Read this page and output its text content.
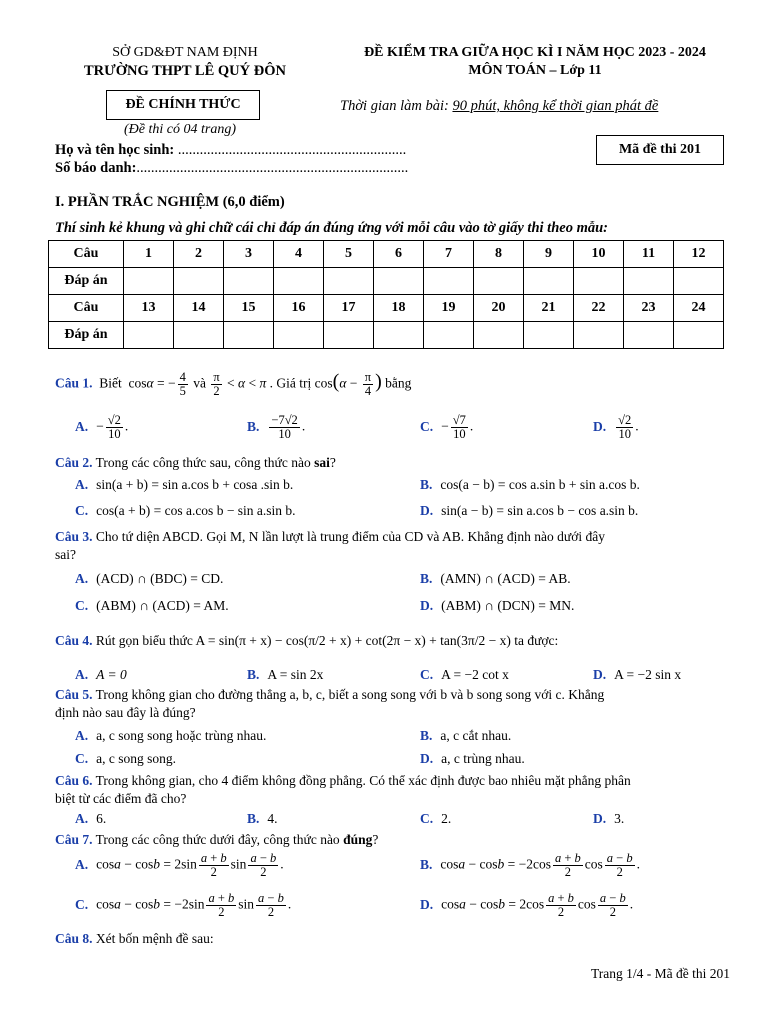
SỞ GD&ĐT NAM ĐỊNH
TRƯỜNG THPT LÊ QUÝ ĐÔN
ĐỀ KIỂM TRA GIỮA HỌC KÌ I NĂM HỌC 2023 - 2024
MÔN TOÁN – Lớp 11
ĐỀ CHÍNH THỨC
(Đề thi có 04 trang)
Thời gian làm bài: 90 phút, không kể thời gian phát đề
Họ và tên học sinh: ...............................................................
Số báo danh:...........................................................................
Mã đề thi 201
I. PHẦN TRẮC NGHIỆM (6,0 điểm)
Thí sinh kẻ khung và ghi chữ cái chỉ đáp án đúng ứng với mỗi câu vào tờ giấy thi theo mẫu:
Câu	1	2	3	4	5	6	7	8	9	10	11	12
Đáp án												
Câu	13	14	15	16	17	18	19	20	21	22	23	24
Đáp án												
Câu 1.  Biết  cosα = − $\frac{4}{5}$ và $\frac{\pi}{2} < \alpha < \pi$ . Giá trị $\cos(\alpha - \frac{\pi}{4}$ ) bằng
A. − $\frac{√2}{10}$ .	B. $\frac{-7√2}{10}$ .	C. − $\frac{√7}{10}$ .	D. $\frac{√2}{10}$ .
Câu 2. Trong các công thức sau, công thức nào sai?
A. sin(a + b) = sin a.cos b + cosa .sin b.	B. cos(a − b) = cos a.sin b + sin a.cos b.
C. cos(a + b) = cos a.cos b − sin a.sin b.	D. sin(a − b) = sin a.cos b − cos a.sin b.
Câu 3. Cho tứ diện ABCD. Gọi M, N lần lượt là trung điểm của CD và AB. Khẳng định nào dưới đây
sai?
A. (ACD) ∩ (BDC) = CD.	B. (AMN) ∩ (ACD) = AB.
C. (ABM) ∩ (ACD) = AM.	D. (ABM) ∩ (DCN) = MN.
Câu 4. Rút gọn biểu thức A = sin(π + x) − cos(π/2 + x) + cot(2π − x) + tan(3π/2 − x) ta được:
A. A = 0	B. A = sin 2x	C. A = −2 cot x	D. A = −2 sin x
Câu 5. Trong không gian cho đường thẳng a, b, c, biết a song song với b và b song song với c. Khẳng
định nào sau đây là đúng?
A. a, c song song hoặc trùng nhau.	B. a, c cắt nhau.
C. a, c song song.	D. a, c trùng nhau.
Câu 6. Trong không gian, cho 4 điểm không đồng phẳng. Có thể xác định được bao nhiêu mặt phẳng phân
biệt từ các điểm đã cho?
A. 6.	B. 4.	C. 2.	D. 3.
Câu 7. Trong các công thức dưới đây, công thức nào đúng?
A. $\cos a - \cos b = 2\sin \frac{a + b}{2}$ $\sin \frac{a - b}{2}$ .	B. $\cos a - \cos b = -2\cos \frac{a + b}{2}$ $\cos \frac{a - b}{2}$ .
C. $\cos a - \cos b = -2\sin \frac{a + b}{2}$ $\sin \frac{a - b}{2}$ .	D. $\cos a - \cos b = 2\cos \frac{a + b}{2}$ $\cos \frac{a - b}{2}$ .
Câu 8. Xét bốn mệnh đề sau:
Trang 1/4 - Mã đề thi 201
